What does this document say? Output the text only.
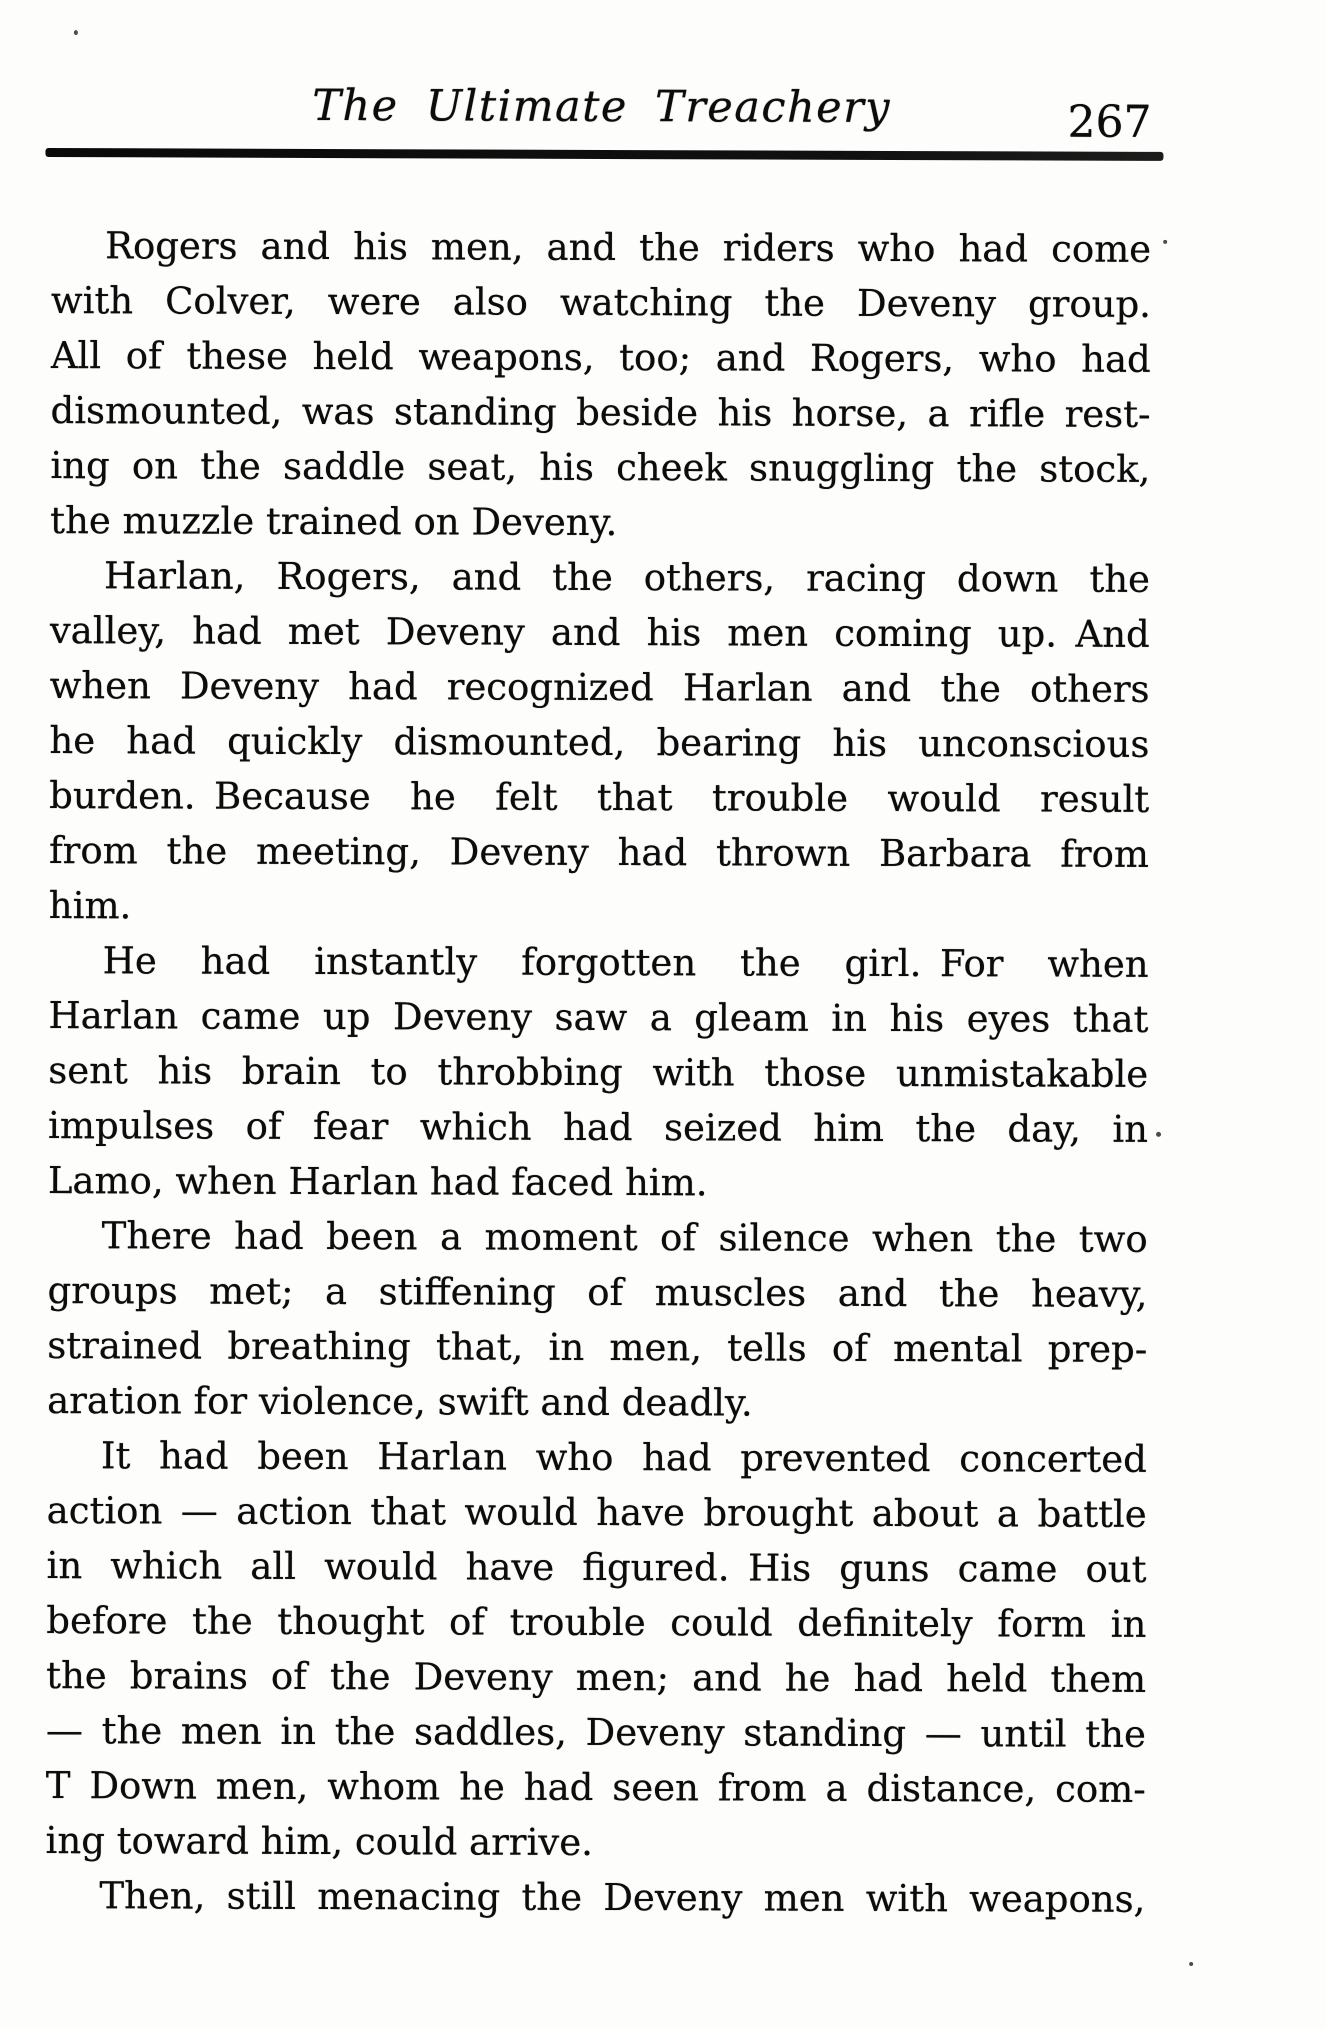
The Ultimate Treachery	267
Rogers and his men, and the riders who had come
with Colver, were also watching the Deveny group.
All of these held weapons, too; and Rogers, who had
dismounted, was standing beside his horse, a rifle rest-
ing on the saddle seat, his cheek snuggling the stock,
the muzzle trained on Deveny.
Harlan, Rogers, and the others, racing down the
valley, had met Deveny and his men coming up. And
when Deveny had recognized Harlan and the others
he had quickly dismounted, bearing his unconscious
burden. Because he felt that trouble would result
from the meeting, Deveny had thrown Barbara from
him.
He had instantly forgotten the girl. For when
Harlan came up Deveny saw a gleam in his eyes that
sent his brain to throbbing with those unmistakable
impulses of fear which had seized him the day, in
Lamo, when Harlan had faced him.
There had been a moment of silence when the two
groups met; a stiffening of muscles and the heavy,
strained breathing that, in men, tells of mental prep-
aration for violence, swift and deadly.
It had been Harlan who had prevented concerted
action — action that would have brought about a battle
in which all would have figured. His guns came out
before the thought of trouble could definitely form in
the brains of the Deveny men; and he had held them
— the men in the saddles, Deveny standing — until the
T Down men, whom he had seen from a distance, com-
ing toward him, could arrive.
Then, still menacing the Deveny men with weapons,
